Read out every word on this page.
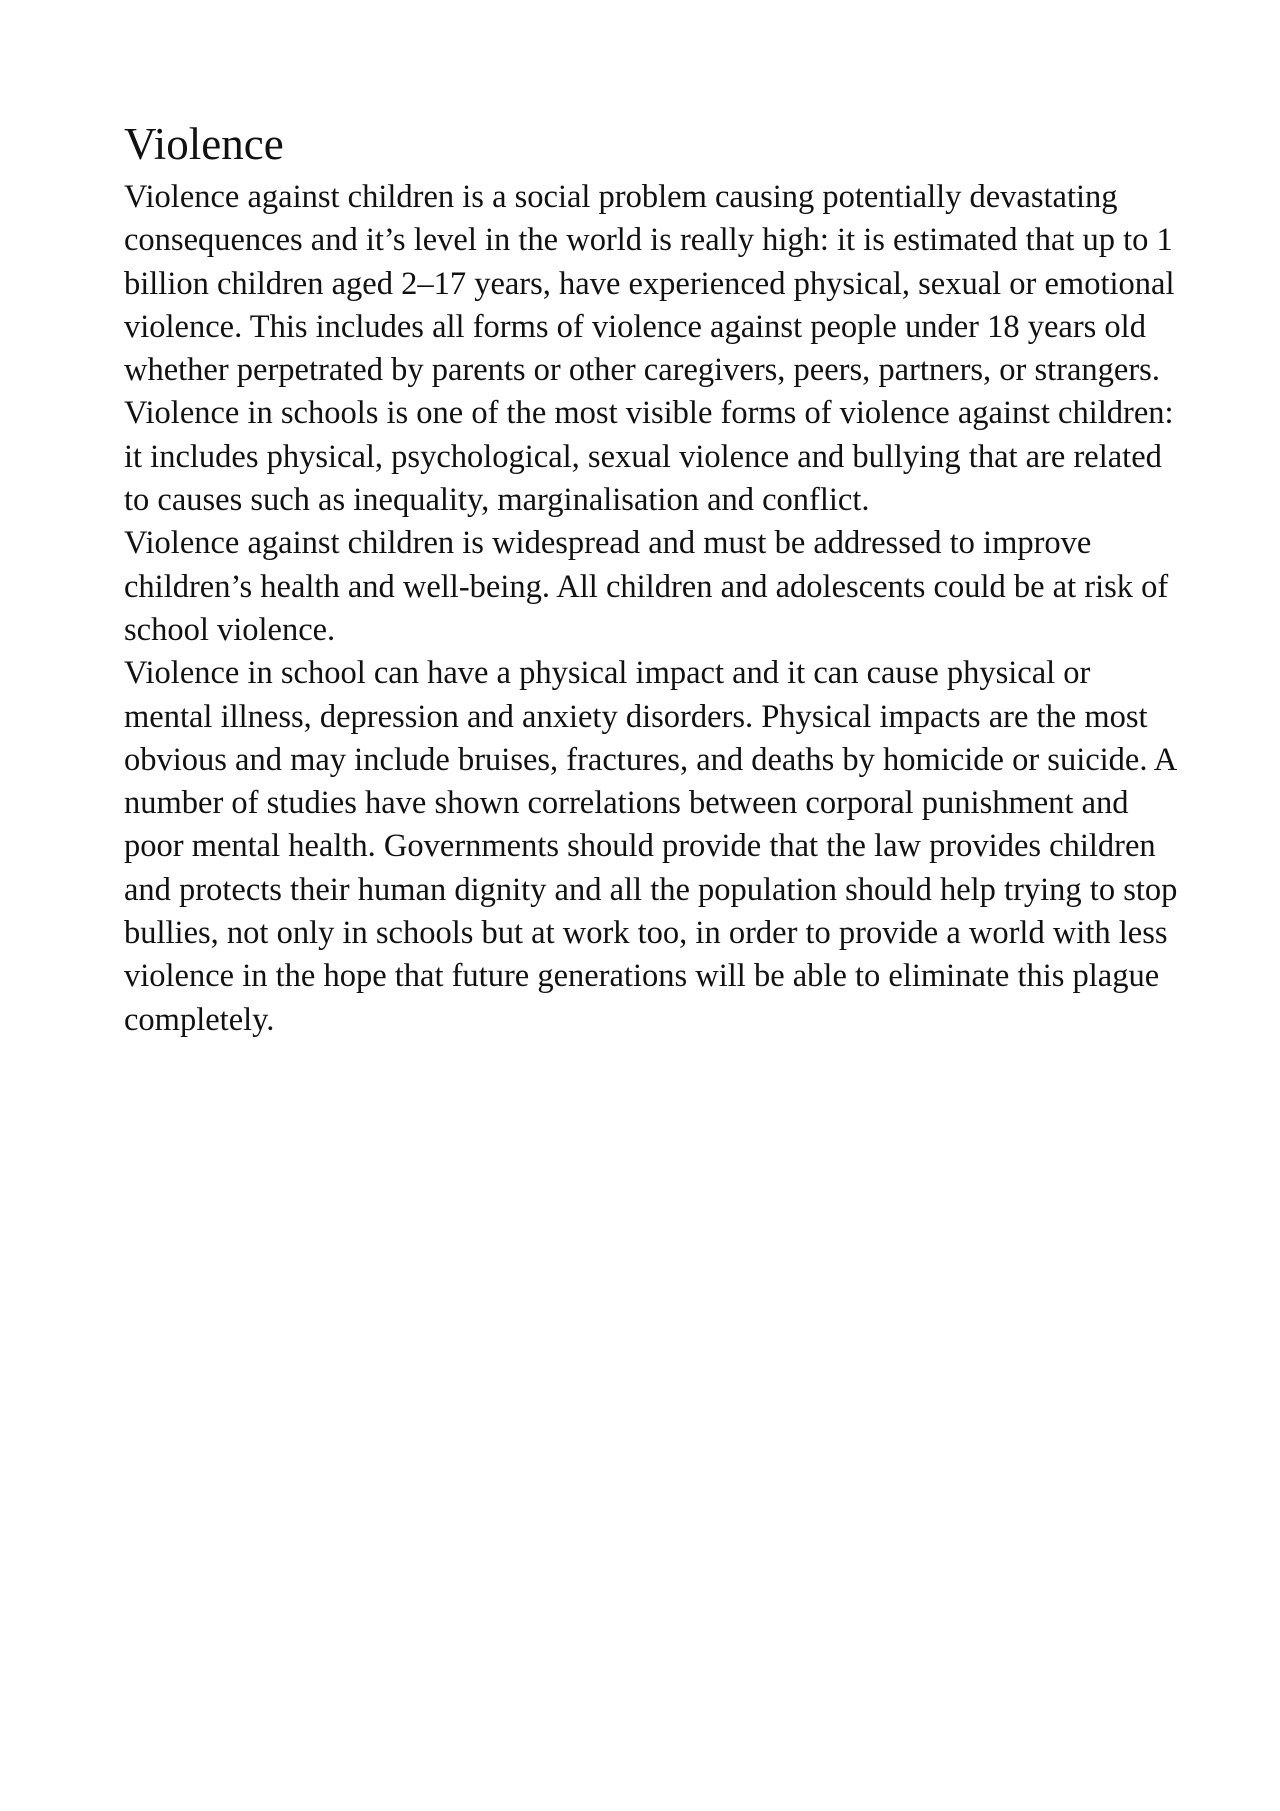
Violence

Violence against children is a social problem causing potentially devastating consequences and it’s level in the world is really high: it is estimated that up to 1 billion children aged 2–17 years, have experienced physical, sexual or emotional violence. This includes all forms of violence against people under 18 years old whether perpetrated by parents or other caregivers, peers, partners, or strangers.

Violence in schools is one of the most visible forms of violence against children: it includes physical, psychological, sexual violence and bullying that are related to causes such as inequality, marginalisation and conflict.

Violence against children is widespread and must be addressed to improve children’s health and well-being. All children and adolescents could be at risk of school violence.

Violence in school can have a physical impact and it can cause physical or mental illness, depression and anxiety disorders. Physical impacts are the most obvious and may include bruises, fractures, and deaths by homicide or suicide. A number of studies have shown correlations between corporal punishment and poor mental health. Governments should provide that the law provides children and protects their human dignity and all the population should help trying to stop bullies, not only in schools but at work too, in order to provide a world with less violence in the hope that future generations will be able to eliminate this plague completely.
